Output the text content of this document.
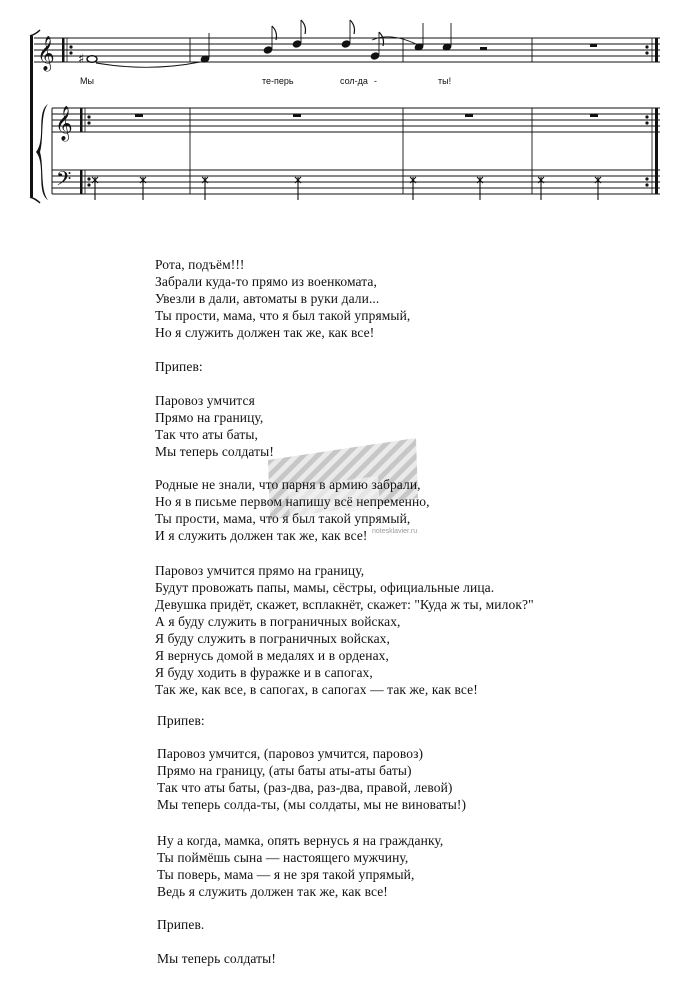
𝄞
𝄞
𝄢
♯
Мы	те-перь	сол-да -	ты!
notesklavier.ru
Рота, подъём!!!
Забрали куда-то прямо из военкомата,
Увезли в дали, автоматы в руки дали...
Ты прости, мама, что я был такой упрямый,
Но я служить должен так же, как все!
Припев:
Паровоз умчится
Прямо на границу,
Так что аты баты,
Мы теперь солдаты!
Родные не знали, что парня в армию забрали,
Но я в письме первом напишу всё непременно,
Ты прости, мама, что я был такой упрямый,
И я служить должен так же, как все!
Паровоз умчится прямо на границу,
Будут провожать папы, мамы, сёстры, официальные лица.
Девушка придёт, скажет, всплакнёт, скажет: "Куда ж ты, милок?"
А я буду служить в пограничных войсках,
Я буду служить в пограничных войсках,
Я вернусь домой в медалях и в орденах,
Я буду ходить в фуражке и в сапогах,
Так же, как все, в сапогах, в сапогах — так же, как все!
Припев:
Паровоз умчится, (паровоз умчится, паровоз)
Прямо на границу, (аты баты аты-аты баты)
Так что аты баты, (раз-два, раз-два, правой, левой)
Мы теперь солда-ты, (мы солдаты, мы не виноваты!)
Ну а когда, мамка, опять вернусь я на гражданку,
Ты поймёшь сына — настоящего мужчину,
Ты поверь, мама — я не зря такой упрямый,
Ведь я служить должен так же, как все!
Припев.
Мы теперь солдаты!
